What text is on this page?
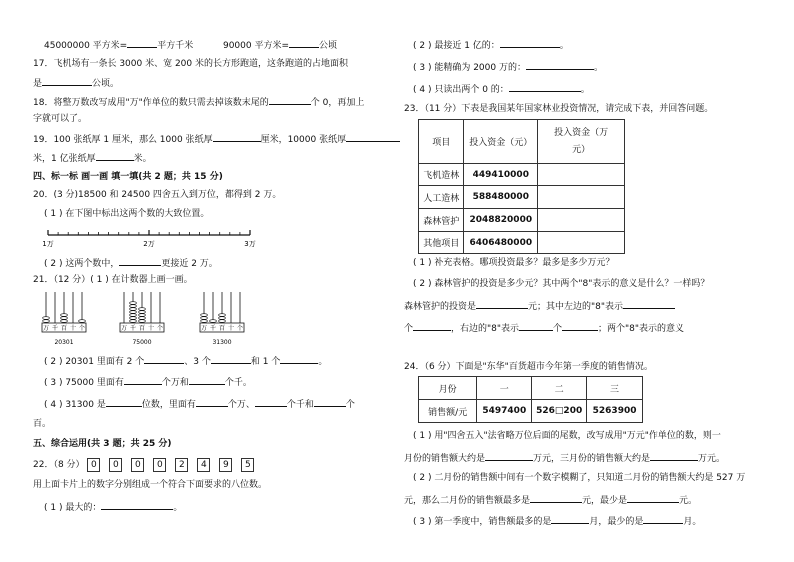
45000000 平方米=	平方千米	90000 平方米=	公顷
17．飞机场有一条长 3000 米、宽 200 米的长方形跑道，这条跑道的占地面积
是	公顷。
18．将整万数改写成用"万"作单位的数只需去掉该数末尾的	个 0，再加上
字就可以了。
19．100 张纸厚 1 厘米，那么 1000 张纸厚	厘米，10000 张纸厚
米，1 亿张纸厚	米。
四、标一标 画一画 填一填(共 2 题；共 15 分)
20．(3 分)18500 和 24500 四舍五入到万位，都得到 2 万。
( 1 ) 在下图中标出这两个数的大致位置。
1万	2万	3万
( 2 ) 这两个数中，	更接近 2 万。
21．（12 分）( 1 ) 在计数器上画一画。
万 千 百 十 个
20301
万 千 百 十 个
75000
万 千 百 十 个
31300
( 2 ) 20301 里面有 2 个	、3 个	和 1 个	。
( 3 ) 75000 里面有	个万和	个千。
( 4 ) 31300 是	位数，里面有	个万、	个千和	个
百。
五、综合运用(共 3 题；共 25 分)
22．（8 分） 0 0 0 0 2 4 9 5
用上面卡片上的数字分别组成一个符合下面要求的八位数。
( 1 ) 最大的：	。
( 2 ) 最接近 1 亿的：	。
( 3 ) 能精确为 2000 万的：	。
( 4 ) 只读出两个 0 的：	。
23．（11 分）下表是我国某年国家林业投资情况，请完成下表，并回答问题。
项目	投入资金（元）	投入资金（万
元）
飞机造林	449410000	
人工造林	588480000	
森林管护	2048820000	
其他项目	6406480000	
( 1 ) 补充表格。哪项投资最多？最多是多少万元？
( 2 ) 森林管护的投资是多少元？其中两个"8"表示的意义是什么？一样吗？
森林管护的投资是	元；其中左边的"8"表示
个	，右边的"8"表示	个	；两个"8"表示的意义
24．（6 分）下面是"东华"百货超市今年第一季度的销售情况。
月份	一	二	三
销售额/元	5497400	526□200	5263900
( 1 ) 用"四舍五入"法省略万位后面的尾数，改写成用"万元"作单位的数，则一
月份的销售额大约是	万元，三月份的销售额大约是	万元。
( 2 ) 二月份的销售额中间有一个数字模糊了，只知道二月份的销售额大约是 527 万
元，那么二月份的销售额最多是	元，最少是	元。
( 3 ) 第一季度中，销售额最多的是	月，最少的是	月。
